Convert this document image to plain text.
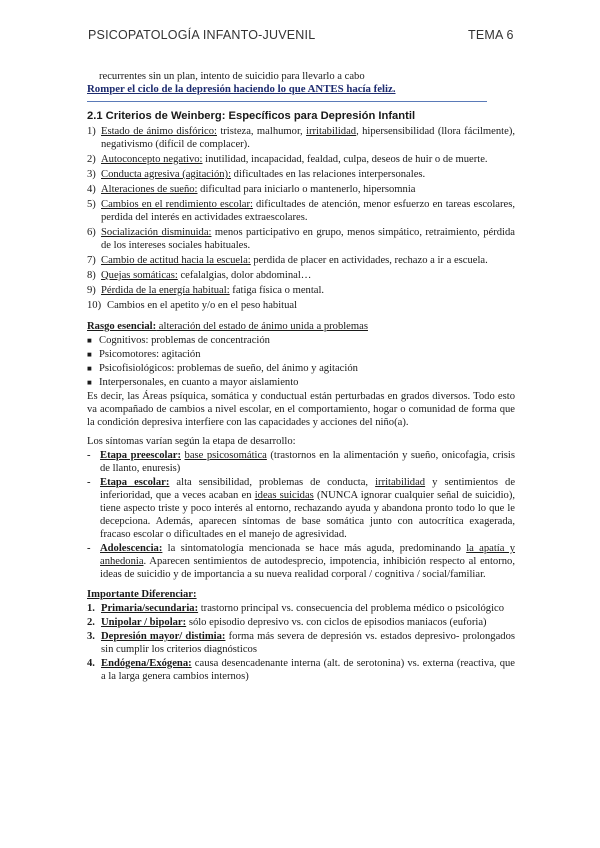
PSICOPATOLOGÍA INFANTO-JUVENIL	TEMA 6
recurrentes sin un plan, intento de suicidio para llevarlo a cabo
Romper el ciclo de la depresión haciendo lo que ANTES hacía feliz.
2.1 Criterios de Weinberg: Específicos para Depresión Infantil
1) Estado de ánimo disfórico: tristeza, malhumor, irritabilidad, hipersensibilidad (llora fácilmente), negativismo (difícil de complacer).
2) Autoconcepto negativo: inutilidad, incapacidad, fealdad, culpa, deseos de huir o de muerte.
3) Conducta agresiva (agitación): dificultades en las relaciones interpersonales.
4) Alteraciones de sueño: dificultad para iniciarlo o mantenerlo, hipersomnia
5) Cambios en el rendimiento escolar: dificultades de atención, menor esfuerzo en tareas escolares, perdida del interés en actividades extraescolares.
6) Socialización disminuida: menos participativo en grupo, menos simpático, retraimiento, pérdida de los intereses sociales habituales.
7) Cambio de actitud hacia la escuela: perdida de placer en actividades, rechazo a ir a escuela.
8) Quejas somáticas: cefalalgias, dolor abdominal…
9) Pérdida de la energía habitual: fatiga física o mental.
10) Cambios en el apetito y/o en el peso habitual
Rasgo esencial: alteración del estado de ánimo unida a problemas
■ Cognitivos: problemas de concentración
■ Psicomotores: agitación
■ Psicofisiológicos: problemas de sueño, del ánimo y agitación
■ Interpersonales, en cuanto a mayor aislamiento
Es decir, las Áreas psíquica, somática y conductual están perturbadas en grados diversos. Todo esto va acompañado de cambios a nivel escolar, en el comportamiento, hogar o comunidad de forma que la condición depresiva interfiere con las capacidades y acciones del niño(a).
Los síntomas varían según la etapa de desarrollo:
- Etapa preescolar: base psicosomática (trastornos en la alimentación y sueño, onicofagia, crisis de llanto, enuresis)
- Etapa escolar: alta sensibilidad, problemas de conducta, irritabilidad y sentimientos de inferioridad, que a veces acaban en ideas suicidas (NUNCA ignorar cualquier señal de suicidio), tiene aspecto triste y poco interés al entorno, rechazando ayuda y abandona pronto todo lo que le decepciona. Además, aparecen síntomas de base somática junto con autocrítica exagerada, fracaso escolar o dificultades en el manejo de agresividad.
- Adolescencia: la sintomatología mencionada se hace más aguda, predominando la apatía y anhedonia. Aparecen sentimientos de autodesprecio, impotencia, inhibición respecto al entorno, ideas de suicidio y de importancia a su nueva realidad corporal / cognitiva / social/familiar.
Importante Diferenciar:
1. Primaria/secundaria: trastorno principal vs. consecuencia del problema médico o psicológico
2. Unipolar / bipolar: sólo episodio depresivo vs. con ciclos de episodios maniacos (euforia)
3. Depresión mayor/ distimia: forma más severa de depresión vs. estados depresivo- prolongados sin cumplir los criterios diagnósticos
4. Endógena/Exógena: causa desencadenante interna (alt. de serotonina) vs. externa (reactiva, que a la larga genera cambios internos)
